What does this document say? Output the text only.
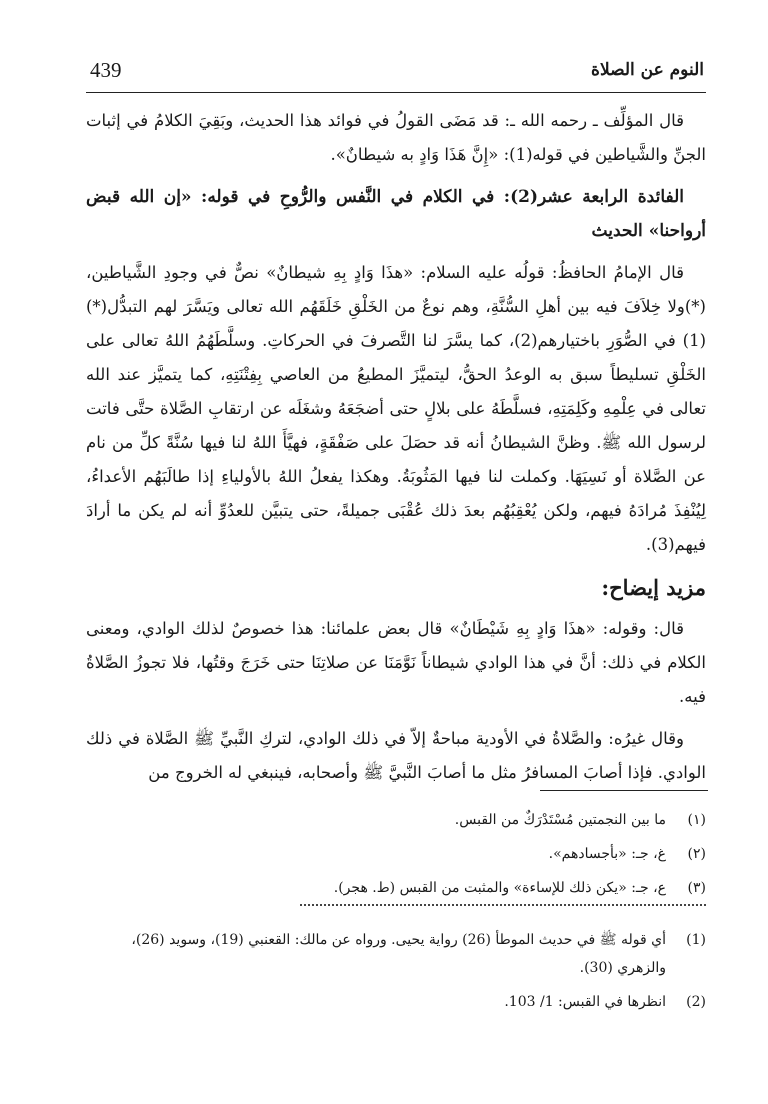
439	النوم عن الصلاة

قال المؤلِّف ـ رحمه الله ـ: قد مَضَى القولُ في فوائد هذا الحديث، وبَقِيَ الكلامُ في إثبات الجنِّ والشَّياطين في قوله(1): «إِنَّ هَذَا وَادٍ به شيطانٌ».

الفائدة الرابعة عشر(2): في الكلام في النَّفس والرُّوحِ في قوله: «إن الله قبض أرواحنا» الحديث

قال الإمامُ الحافظُ: قولُه عليه السلام: «هذَا وَادٍ بِهِ شيطانٌ» نصٌّ في وجودِ الشَّياطين،(*)ولا خِلاَفَ فيه بين أهلِ السُّنَّةِ، وهم نوعٌ من الخَلْقِ خَلَقَهُم الله تعالى ويَسَّرَ لهم التبدُّل(*)(1) في الصُّوَرِ باختيارهم(2)، كما يسَّرَ لنا التَّصرفَ في الحركاتِ. وسلَّطَهُمُ اللهُ تعالى على الخَلْقِ تسليطاً سبق به الوعدُ الحقُّ، ليتميَّزَ المطيعُ من العاصي بِفِتْنَتِهِ، كما يتميَّز عند الله تعالى في عِلْمِهِ وكَلِمَتِهِ، فسلَّطَهُ على بلالٍ حتى أضجَعَهُ وشغَلَه عن ارتقابِ الصَّلاة حتَّى فاتت لرسول الله ﷺ. وظنَّ الشيطانُ أنه قد حصَلَ على صَفْقَةٍ، فهيَّأَ اللهُ لنا فيها سُنَّةً كلِّ من نام عن الصَّلاة أو نَسِيَهَا. وكملت لنا فيها المَثُوبَةُ. وهكذا يفعلُ اللهُ بالأولياءِ إذا طالَبَهُم الأعداءُ، لِيُنْفِذَ مُرادَهُ فيهم، ولكن يُعْقِبُهُم بعدَ ذلك عُقْبَى جميلةً، حتى يتبيَّن للعدُوِّ أنه لم يكن ما أرادَ فيهم(3).

مزيد إيضاح:

قال: وقوله: «هذَا وَادٍ بِهِ شَيْطَانٌ» قال بعض علمائنا: هذا خصوصٌ لذلك الوادي، ومعنى الكلام في ذلك: أنَّ في هذا الوادي شيطاناً نَوَّمَنَا عن صلاتِنَا حتى خَرَجَ وقتُها، فلا تجوزُ الصَّلاةُ فيه.

وقال غيرُه: والصَّلاةُ في الأودية مباحةٌ إلاّ في ذلك الوادي، لتركِ النَّبيِّ ﷺ الصَّلاة في ذلك الوادي. فإذا أصابَ المسافرُ مثل ما أصابَ النَّبيَّ ﷺ وأصحابه، فينبغي له الخروج من

(١)
ما بين النجمتين مُسْتَدْرَكٌ من القبس.
(٢)
غ، جـ: «بأجسادهم».
(٣)
ع، جـ: «يكن ذلك للإساءة» والمثبت من القبس (ط. هجر).
(1)
أي قوله ﷺ في حديث الموطأ (26) رواية يحيى. ورواه عن مالك: القعنبي (19)، وسويد (26)، والزهري (30).
(2)
انظرها في القبس: 1/ 103.
